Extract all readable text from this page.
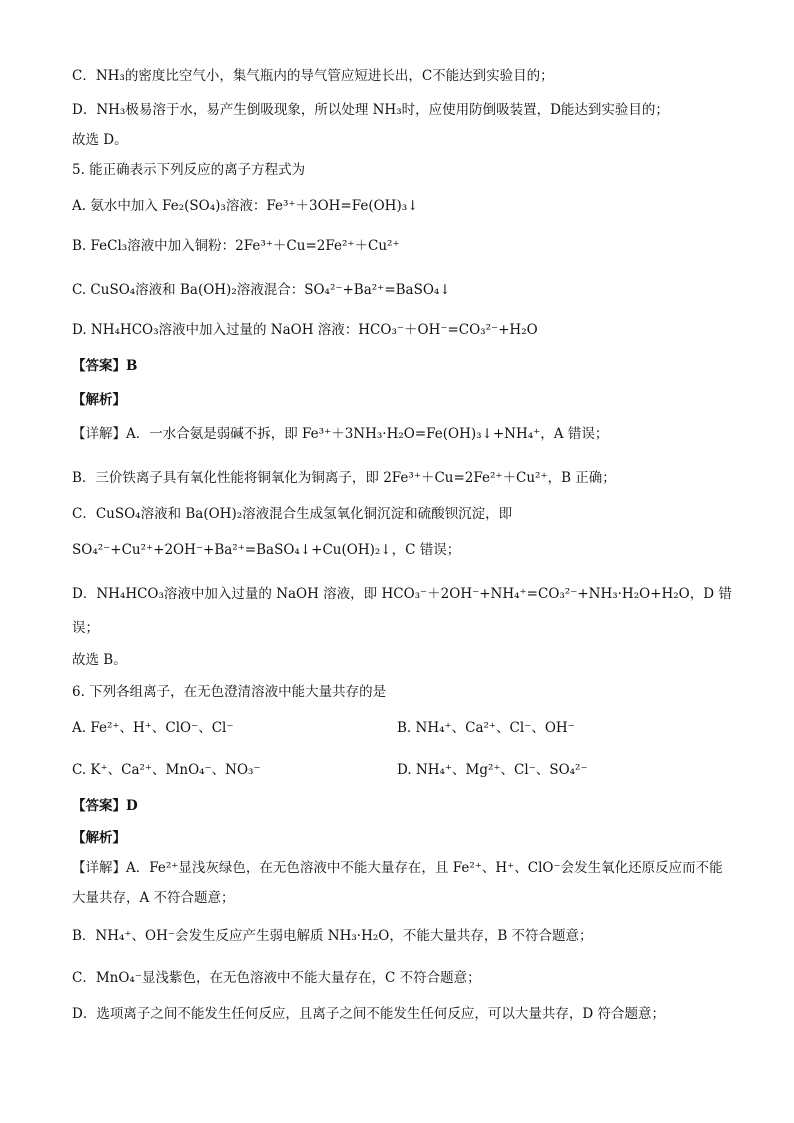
C．NH₃的密度比空气小，集气瓶内的导气管应短进长出，C不能达到实验目的；
D．NH₃极易溶于水，易产生倒吸现象，所以处理 NH₃时，应使用防倒吸装置，D能达到实验目的；
故选 D。
5. 能正确表示下列反应的离子方程式为
A. 氨水中加入 Fe₂(SO₄)₃溶液：Fe³⁺＋3OH=Fe(OH)₃↓
B. FeCl₃溶液中加入铜粉：2Fe³⁺＋Cu=2Fe²⁺＋Cu²⁺
C. CuSO₄溶液和 Ba(OH)₂溶液混合：SO₄²⁻+Ba²⁺=BaSO₄↓
D. NH₄HCO₃溶液中加入过量的 NaOH 溶液：HCO₃⁻＋OH⁻=CO₃²⁻+H₂O
【答案】B
【解析】
【详解】A．一水合氨是弱碱不拆，即 Fe³⁺＋3NH₃·H₂O=Fe(OH)₃↓+NH₄⁺，A 错误；
B．三价铁离子具有氧化性能将铜氧化为铜离子，即 2Fe³⁺＋Cu=2Fe²⁺＋Cu²⁺，B 正确；
C．CuSO₄溶液和 Ba(OH)₂溶液混合生成氢氧化铜沉淀和硫酸钡沉淀，即
SO₄²⁻+Cu²⁺+2OH⁻+Ba²⁺=BaSO₄↓+Cu(OH)₂↓，C 错误；
D．NH₄HCO₃溶液中加入过量的 NaOH 溶液，即 HCO₃⁻＋2OH⁻+NH₄⁺=CO₃²⁻+NH₃·H₂O+H₂O，D 错
误；
故选 B。
6. 下列各组离子，在无色澄清溶液中能大量共存的是
A. Fe²⁺、H⁺、ClO⁻、Cl⁻	B. NH₄⁺、Ca²⁺、Cl⁻、OH⁻
C. K⁺、Ca²⁺、MnO₄⁻、NO₃⁻	D. NH₄⁺、Mg²⁺、Cl⁻、SO₄²⁻
【答案】D
【解析】
【详解】A．Fe²⁺显浅灰绿色，在无色溶液中不能大量存在，且 Fe²⁺、H⁺、ClO⁻会发生氧化还原反应而不能
大量共存，A 不符合题意；
B．NH₄⁺、OH⁻会发生反应产生弱电解质 NH₃·H₂O，不能大量共存，B 不符合题意；
C．MnO₄⁻显浅紫色，在无色溶液中不能大量存在，C 不符合题意；
D．选项离子之间不能发生任何反应，且离子之间不能发生任何反应，可以大量共存，D 符合题意；
